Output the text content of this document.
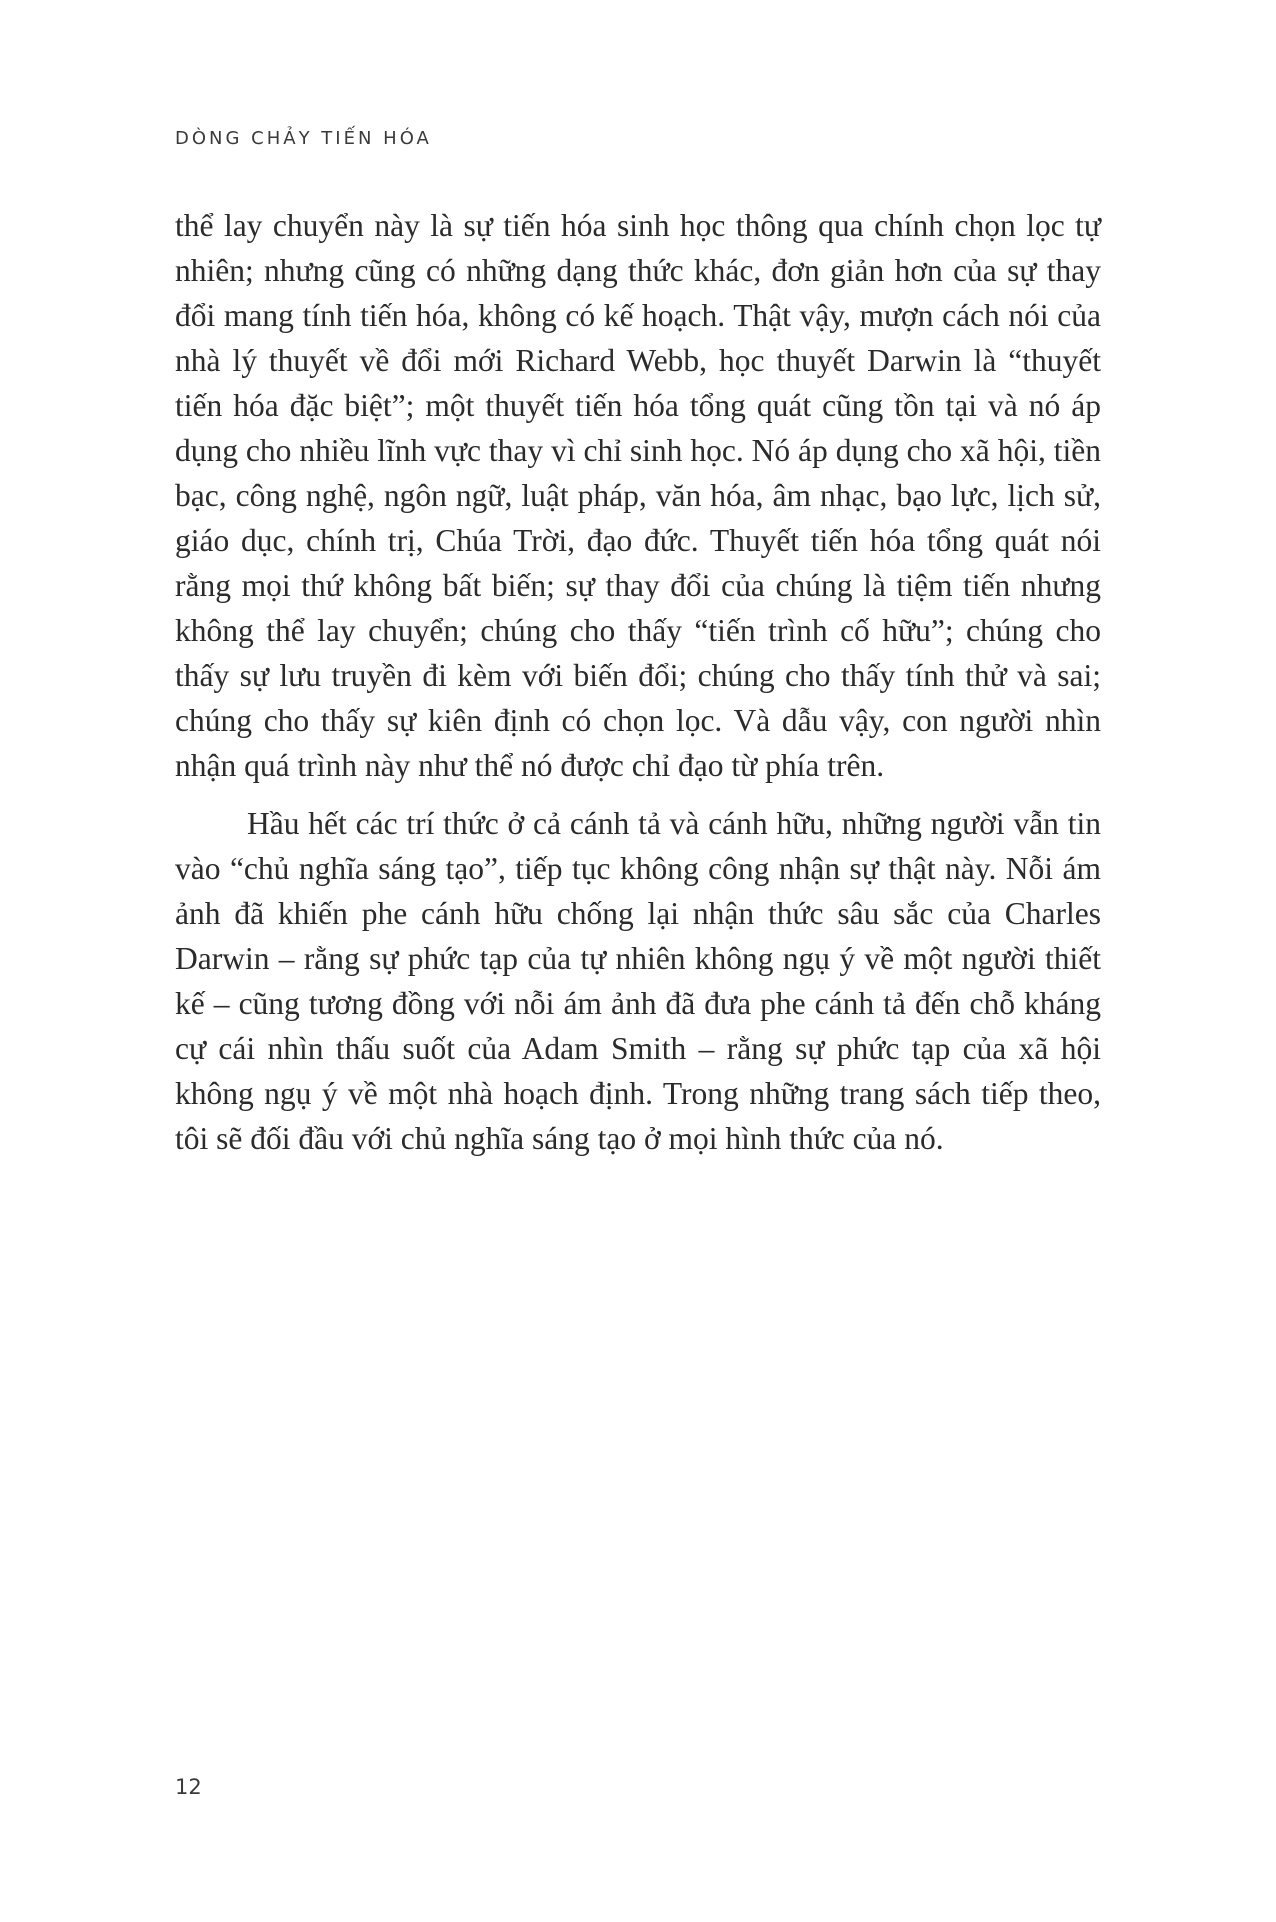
DÒNG CHẢY TIẾN HÓA

thể lay chuyển này là sự tiến hóa sinh học thông qua chính chọn lọc tự nhiên; nhưng cũng có những dạng thức khác, đơn giản hơn của sự thay đổi mang tính tiến hóa, không có kế hoạch. Thật vậy, mượn cách nói của nhà lý thuyết về đổi mới Richard Webb, học thuyết Darwin là “thuyết tiến hóa đặc biệt”; một thuyết tiến hóa tổng quát cũng tồn tại và nó áp dụng cho nhiều lĩnh vực thay vì chỉ sinh học. Nó áp dụng cho xã hội, tiền bạc, công nghệ, ngôn ngữ, luật pháp, văn hóa, âm nhạc, bạo lực, lịch sử, giáo dục, chính trị, Chúa Trời, đạo đức. Thuyết tiến hóa tổng quát nói rằng mọi thứ không bất biến; sự thay đổi của chúng là tiệm tiến nhưng không thể lay chuyển; chúng cho thấy “tiến trình cố hữu”; chúng cho thấy sự lưu truyền đi kèm với biến đổi; chúng cho thấy tính thử và sai; chúng cho thấy sự kiên định có chọn lọc. Và dẫu vậy, con người nhìn nhận quá trình này như thể nó được chỉ đạo từ phía trên.

Hầu hết các trí thức ở cả cánh tả và cánh hữu, những người vẫn tin vào “chủ nghĩa sáng tạo”, tiếp tục không công nhận sự thật này. Nỗi ám ảnh đã khiến phe cánh hữu chống lại nhận thức sâu sắc của Charles Darwin – rằng sự phức tạp của tự nhiên không ngụ ý về một người thiết kế – cũng tương đồng với nỗi ám ảnh đã đưa phe cánh tả đến chỗ kháng cự cái nhìn thấu suốt của Adam Smith – rằng sự phức tạp của xã hội không ngụ ý về một nhà hoạch định. Trong những trang sách tiếp theo, tôi sẽ đối đầu với chủ nghĩa sáng tạo ở mọi hình thức của nó.

12
